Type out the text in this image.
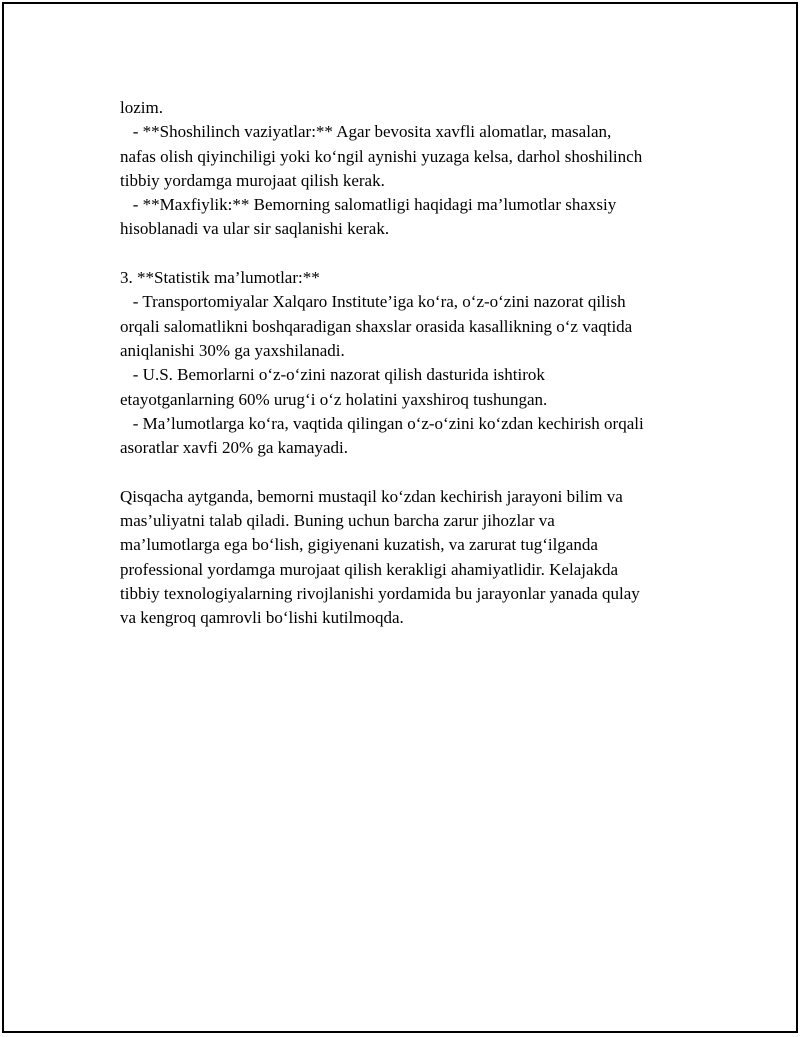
lozim.
- **Shoshilinch vaziyatlar:** Agar bevosita xavfli alomatlar, masalan,
nafas olish qiyinchiligi yoki ko‘ngil aynishi yuzaga kelsa, darhol shoshilinch
tibbiy yordamga murojaat qilish kerak.
- **Maxfiylik:** Bemorning salomatligi haqidagi ma’lumotlar shaxsiy
hisoblanadi va ular sir saqlanishi kerak.
3. **Statistik ma’lumotlar:**
- Transportomiyalar Xalqaro Institute’iga ko‘ra, o‘z-o‘zini nazorat qilish
orqali salomatlikni boshqaradigan shaxslar orasida kasallikning o‘z vaqtida
aniqlanishi 30% ga yaxshilanadi.
- U.S. Bemorlarni o‘z-o‘zini nazorat qilish dasturida ishtirok
etayotganlarning 60% urug‘i o‘z holatini yaxshiroq tushungan.
- Ma’lumotlarga ko‘ra, vaqtida qilingan o‘z-o‘zini ko‘zdan kechirish orqali
asoratlar xavfi 20% ga kamayadi.
Qisqacha aytganda, bemorni mustaqil ko‘zdan kechirish jarayoni bilim va
mas’uliyatni talab qiladi. Buning uchun barcha zarur jihozlar va
ma’lumotlarga ega bo‘lish, gigiyenani kuzatish, va zarurat tug‘ilganda
professional yordamga murojaat qilish kerakligi ahamiyatlidir. Kelajakda
tibbiy texnologiyalarning rivojlanishi yordamida bu jarayonlar yanada qulay
va kengroq qamrovli bo‘lishi kutilmoqda.
